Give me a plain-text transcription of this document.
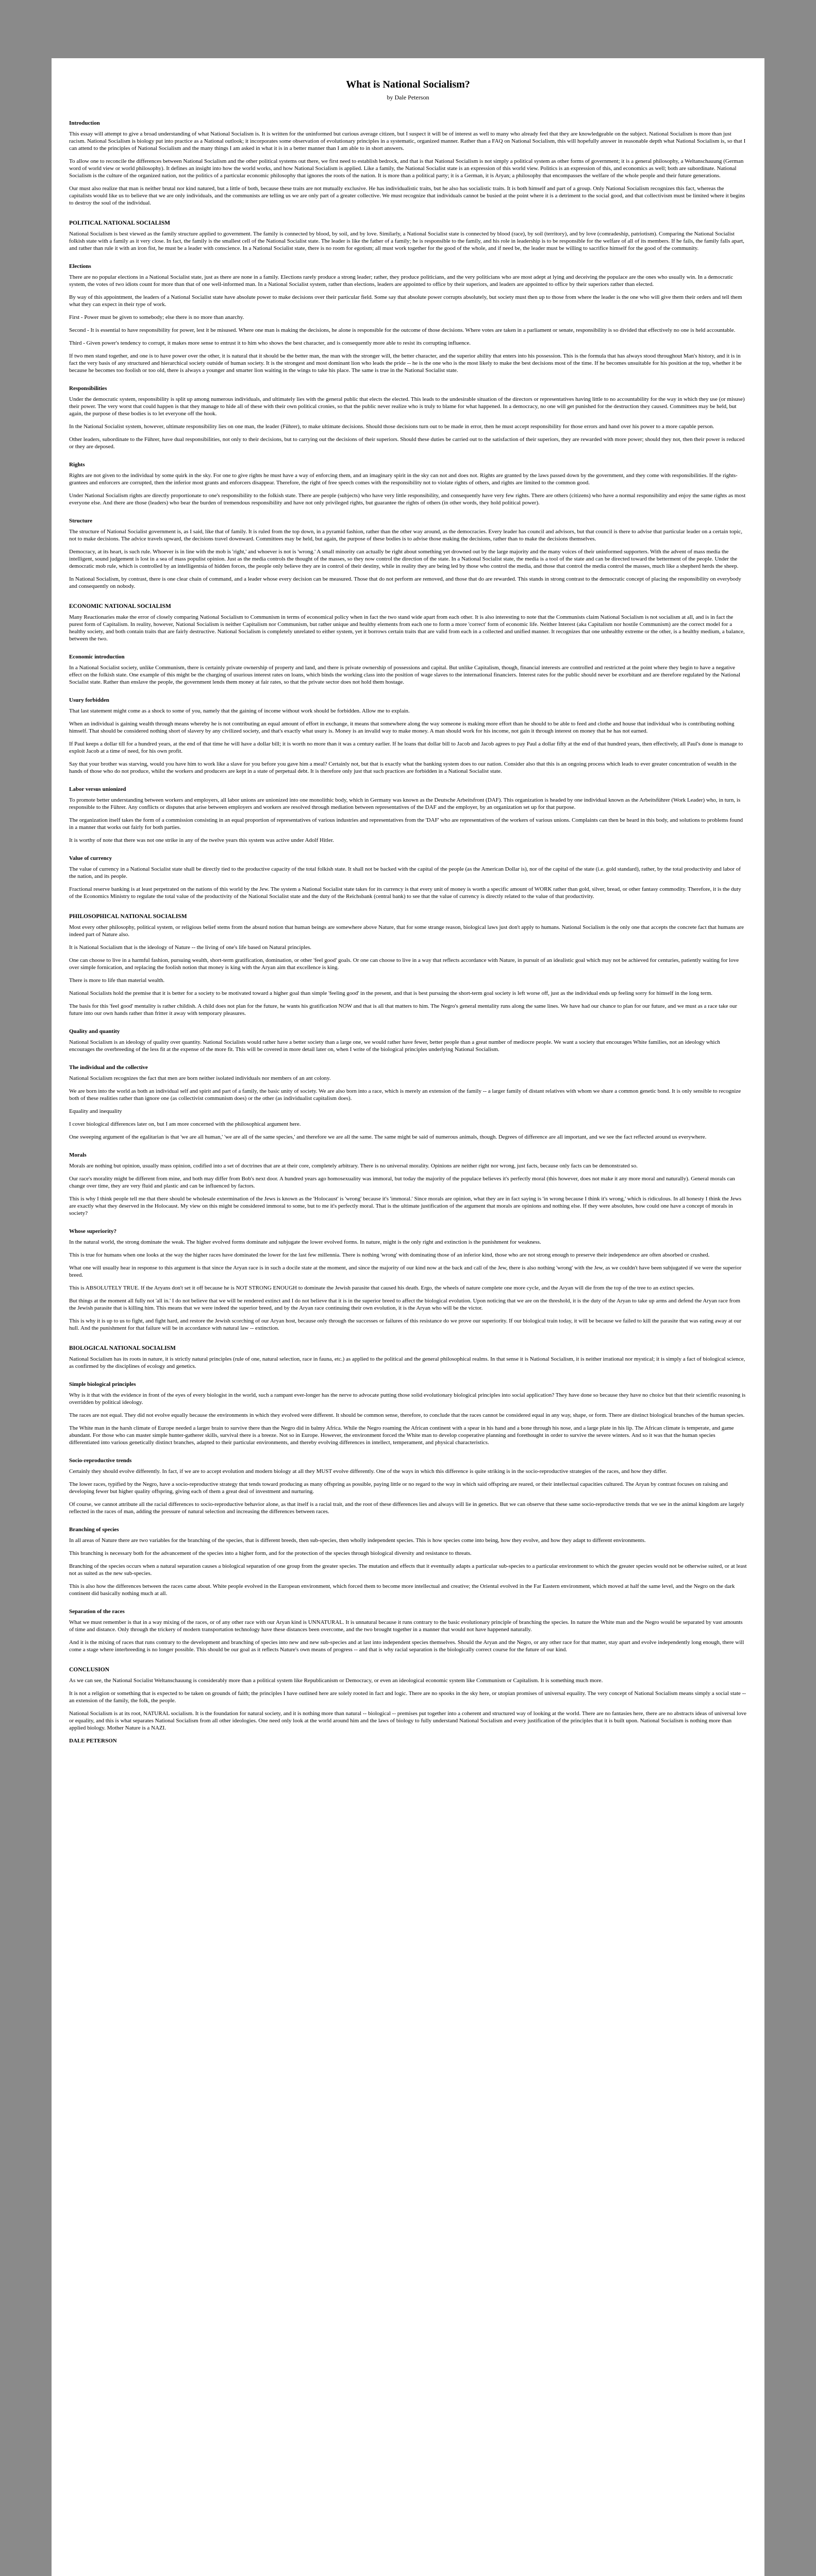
What is National Socialism?
by Dale Peterson
Introduction

This essay will attempt to give a broad understanding of what National Socialism is. It is written for the uninformed but curious average citizen, but I suspect it will be of interest as well to many who already feel that they are knowledgeable on the subject. National Socialism is more than just racism. National Socialism is biology put into practice as a National outlook; it incorporates some observation of evolutionary principles in a systematic, organized manner. Rather than a FAQ on National Socialism, this will hopefully answer in reasonable depth what National Socialism is, so that I can attend to the principles of National Socialism and the many things I am asked in what it is in a better manner than I am able to in short answers.

To allow one to reconcile the differences between National Socialism and the other political systems out there, we first need to establish bedrock, and that is that National Socialism is not simply a political system as other forms of government; it is a general philosophy, a Weltanschauung (German word of world view or world philosophy). It defines an insight into how the world works, and how National Socialism is applied. Like a family, the National Socialist state is an expression of this world view. Politics is an expression of this, and economics as well; both are subordinate. National Socialism is the culture of the organized nation, not the politics of a particular economic philosophy that ignores the roots of the nation. It is more than a political party; it is a German, it is Aryan; a philosophy that encompasses the welfare of the whole people and their future generations.

Our must also realize that man is neither brutal nor kind natured, but a little of both, because these traits are not mutually exclusive. He has individualistic traits, but he also has socialistic traits. It is both himself and part of a group. Only National Socialism recognizes this fact, whereas the capitalists would like us to believe that we are only individuals, and the communists are telling us we are only part of a greater collective. We must recognize that individuals cannot be busied at the point where it is a detriment to the social good, and that collectivism must be limited where it begins to destroy the soul of the individual.

POLITICAL NATIONAL SOCIALISM

National Socialism is best viewed as the family structure applied to government. The family is connected by blood, by soil, and by love. Similarly, a National Socialist state is connected by blood (race), by soil (territory), and by love (comradeship, patriotism). Comparing the National Socialist folkish state with a family as it very close. In fact, the family is the smallest cell of the National Socialist state. The leader is like the father of a family; he is responsible to the family, and his role in leadership is to be responsible for the welfare of all of its members. If he fails, the family falls apart, and rather than rule it with an iron fist, he must be a leader with conscience. In a National Socialist state, there is no room for egotism; all must work together for the good of the whole, and if need be, the leader must be willing to sacrifice himself for the good of the community.

Elections

There are no popular elections in a National Socialist state, just as there are none in a family. Elections rarely produce a strong leader; rather, they produce politicians, and the very politicians who are most adept at lying and deceiving the populace are the ones who usually win. In a democratic system, the votes of two idiots count for more than that of one well-informed man. In a National Socialist system, rather than elections, leaders are appointed to office by their superiors, and leaders are appointed to office by their superiors rather than elected.

By way of this appointment, the leaders of a National Socialist state have absolute power to make decisions over their particular field. Some say that absolute power corrupts absolutely, but society must then up to those from where the leader is the one who will give them their orders and tell them what they can expect in their type of work.

First - Power must be given to somebody; else there is no more than anarchy.

Second - It is essential to have responsibility for power, lest it be misused. Where one man is making the decisions, he alone is responsible for the outcome of those decisions. Where votes are taken in a parliament or senate, responsibility is so divided that effectively no one is held accountable.

Third - Given power's tendency to corrupt, it makes more sense to entrust it to him who shows the best character, and is consequently more able to resist its corrupting influence.

If two men stand together, and one is to have power over the other, it is natural that it should be the better man, the man with the stronger will, the better character, and the superior ability that enters into his possession. This is the formula that has always stood throughout Man's history, and it is in fact the very basis of any structured and hierarchical society outside of human society. It is the strongest and most dominant lion who leads the pride -- he is the one who is the most likely to make the best decisions most of the time. If he becomes unsuitable for his position at the top, whether it be because he becomes too foolish or too old, there is always a younger and smarter lion waiting in the wings to take his place. The same is true in the National Socialist state.

Responsibilities

Under the democratic system, responsibility is split up among numerous individuals, and ultimately lies with the general public that elects the elected. This leads to the undesirable situation of the directors or representatives having little to no accountability for the way in which they use (or misuse) their power. The very worst that could happen is that they manage to hide all of these with their own political cronies, so that the public never realize who is truly to blame for what happened. In a democracy, no one will get punished for the destruction they caused. Committees may be held, but again, the purpose of these bodies is to let everyone off the hook.

In the National Socialist system, however, ultimate responsibility lies on one man, the leader (Führer), to make ultimate decisions. Should those decisions turn out to be made in error, then he must accept responsibility for those errors and hand over his power to a more capable person.

Other leaders, subordinate to the Führer, have dual responsibilities, not only to their decisions, but to carrying out the decisions of their superiors. Should these duties be carried out to the satisfaction of their superiors, they are rewarded with more power; should they not, then their power is reduced or they are deposed.

Rights

Rights are not given to the individual by some quirk in the sky. For one to give rights he must have a way of enforcing them, and an imaginary spirit in the sky can not and does not. Rights are granted by the laws passed down by the government, and they come with responsibilities. If the rights-grantees and enforcers are corrupted, then the inferior most grants and enforcers disappear. Therefore, the right of free speech comes with the responsibility not to violate rights of others, and rights are limited to the common good.

Under National Socialism rights are directly proportionate to one's responsibility to the folkish state. There are people (subjects) who have very little responsibility, and consequently have very few rights. There are others (citizens) who have a normal responsibility and enjoy the same rights as most everyone else. And there are those (leaders) who bear the burden of tremendous responsibility and have not only privileged rights, but guarantee the rights of others (in other words, they hold political power).

Structure

The structure of National Socialist government is, as I said, like that of family. It is ruled from the top down, in a pyramid fashion, rather than the other way around, as the democracies. Every leader has council and advisors, but that council is there to advise that particular leader on a certain topic, not to make decisions. The advice travels upward, the decisions travel downward. Committees may be held, but again, the purpose of these bodies is to advise those making the decisions, rather than to make the decisions themselves.

Democracy, at its heart, is such rule. Whoever is in line with the mob is 'right,' and whoever is not is 'wrong.' A small minority can actually be right about something yet drowned out by the large majority and the many voices of their uninformed supporters. With the advent of mass media the intelligent, sound judgement is lost in a sea of mass populist opinion. Just as the media controls the thought of the masses, so they now control the direction of the state. In a National Socialist state, the media is a tool of the state and can be directed toward the betterment of the people. Under the democratic mob rule, which is controlled by an intelligentsia of hidden forces, the people only believe they are in control of their destiny, while in reality they are being led by those who control the media, and those that control the media control the masses, much like a shepherd herds the sheep.

In National Socialism, by contrast, there is one clear chain of command, and a leader whose every decision can be measured. Those that do not perform are removed, and those that do are rewarded. This stands in strong contrast to the democratic concept of placing the responsibility on everybody and consequently on nobody.

ECONOMIC NATIONAL SOCIALISM

Many Reactionaries make the error of closely comparing National Socialism to Communism in terms of economical policy when in fact the two stand wide apart from each other. It is also interesting to note that the Communists claim National Socialism is not socialism at all, and is in fact the purest form of Capitalism. In reality, however, National Socialism is neither Capitalism nor Communism, but rather unique and healthy elements from each one to form a more 'correct' form of economic life. Neither Interest (aka Capitalism nor hostile Communism) are the correct model for a healthy society, and both contain traits that are fairly destructive. National Socialism is completely unrelated to either system, yet it borrows certain traits that are valid from each in a collected and unified manner. It recognizes that one unhealthy extreme or the other, is a healthy medium, a balance, between the two.

Economic introduction

In a National Socialist society, unlike Communism, there is certainly private ownership of property and land, and there is private ownership of possessions and capital. But unlike Capitalism, though, financial interests are controlled and restricted at the point where they begin to have a negative effect on the folkish state. One example of this might be the charging of usurious interest rates on loans, which binds the working class into the position of wage slaves to the international financiers. Interest rates for the public should never be exorbitant and are therefore regulated by the National Socialist state. Rather than enslave the people, the government lends them money at fair rates, so that the private sector does not hold them hostage.

Usury forbidden

That last statement might come as a shock to some of you, namely that the gaining of income without work should be forbidden. Allow me to explain.

When an individual is gaining wealth through means whereby he is not contributing an equal amount of effort in exchange, it means that somewhere along the way someone is making more effort than he should to be able to feed and clothe and house that individual who is contributing nothing himself. That should be considered nothing short of slavery by any civilized society, and that's exactly what usury is. Money is an invalid way to make money. A man should work for his income, not gain it through interest on money that he has not earned.

If Paul keeps a dollar till for a hundred years, at the end of that time he will have a dollar bill; it is worth no more than it was a century earlier. If he loans that dollar bill to Jacob and Jacob agrees to pay Paul a dollar fifty at the end of that hundred years, then effectively, all Paul's done is manage to exploit Jacob at a time of need, for his own profit.

Say that your brother was starving, would you have him to work like a slave for you before you gave him a meal? Certainly not, but that is exactly what the banking system does to our nation. Consider also that this is an ongoing process which leads to ever greater concentration of wealth in the hands of those who do not produce, whilst the workers and producers are kept in a state of perpetual debt. It is therefore only just that such practices are forbidden in a National Socialist state.

Labor versus unionized

To promote better understanding between workers and employers, all labor unions are unionized into one monolithic body, which in Germany was known as the Deutsche Arbeitsfront (DAF). This organization is headed by one individual known as the Arbeitsführer (Work Leader) who, in turn, is responsible to the Führer. Any conflicts or disputes that arise between employers and workers are resolved through mediation between representatives of the DAF and the employer, by an organization set up for that purpose.

The organization itself takes the form of a commission consisting in an equal proportion of representatives of various industries and representatives from the 'DAF' who are representatives of the workers of various unions. Complaints can then be heard in this body, and solutions to problems found in a manner that works out fairly for both parties.

It is worthy of note that there was not one strike in any of the twelve years this system was active under Adolf Hitler.

Value of currency

The value of currency in a National Socialist state shall be directly tied to the productive capacity of the total folkish state. It shall not be backed with the capital of the people (as the American Dollar is), nor of the capital of the state (i.e. gold standard), rather, by the total productivity and labor of the nation, and its people.

Fractional reserve banking is at least perpetrated on the nations of this world by the Jew. The system a National Socialist state takes for its currency is that every unit of money is worth a specific amount of WORK rather than gold, silver, bread, or other fantasy commodity. Therefore, it is the duty of the Economics Ministry to regulate the total value of the productivity of the National Socialist state and the duty of the Reichsbank (central bank) to see that the value of currency is directly related to the value of that productivity.

PHILOSOPHICAL NATIONAL SOCIALISM

Most every other philosophy, political system, or religious belief stems from the absurd notion that human beings are somewhere above Nature, that for some strange reason, biological laws just don't apply to humans. National Socialism is the only one that accepts the concrete fact that humans are indeed part of Nature also.

It is National Socialism that is the ideology of Nature -- the living of one's life based on Natural principles.

One can choose to live in a harmful fashion, pursuing wealth, short-term gratification, domination, or other 'feel good' goals. Or one can choose to live in a way that reflects accordance with Nature, in pursuit of an idealistic goal which may not be achieved for centuries, patiently waiting for love over simple fornication, and replacing the foolish notion that money is king with the Aryan aim that excellence is king.

There is more to life than material wealth.

National Socialists hold the premise that it is better for a society to be motivated toward a higher goal than simple 'feeling good' in the present, and that is best pursuing the short-term goal society is left worse off, just as the individual ends up feeling sorry for himself in the long term.

The basis for this 'feel good' mentality is rather childish. A child does not plan for the future, he wants his gratification NOW and that is all that matters to him. The Negro's general mentality runs along the same lines. We have had our chance to plan for our future, and we must as a race take our future into our own hands rather than fritter it away with temporary pleasures.

Quality and quantity

National Socialism is an ideology of quality over quantity. National Socialists would rather have a better society than a large one, we would rather have fewer, better people than a great number of mediocre people. We want a society that encourages White families, not an ideology which encourages the overbreeding of the less fit at the expense of the more fit. This will be covered in more detail later on, when I write of the biological principles underlying National Socialism.

The individual and the collective

National Socialism recognizes the fact that men are born neither isolated individuals nor members of an ant colony.

We are born into the world as both an individual self and spirit and part of a family, the basic unity of society. We are also born into a race, which is merely an extension of the family -- a larger family of distant relatives with whom we share a common genetic bond. It is only sensible to recognize both of these realities rather than ignore one (as collectivist communism does) or the other (as individualist capitalism does).

Equality and inequality

I cover biological differences later on, but I am more concerned with the philosophical argument here.

One sweeping argument of the egalitarian is that 'we are all human,' 'we are all of the same species,' and therefore we are all the same. The same might be said of numerous animals, though. Degrees of difference are all important, and we see the fact reflected around us everywhere.

Morals

Morals are nothing but opinion, usually mass opinion, codified into a set of doctrines that are at their core, completely arbitrary. There is no universal morality. Opinions are neither right nor wrong, just facts, because only facts can be demonstrated so.

Our race's morality might be different from mine, and both may differ from Bob's next door. A hundred years ago homosexuality was immoral, but today the majority of the populace believes it's perfectly moral (this however, does not make it any more moral and naturally). General morals can change over time, they are very fluid and plastic and can be influenced by factors.

This is why I think people tell me that there should be wholesale extermination of the Jews is known as the 'Holocaust' is 'wrong' because it's 'immoral.' Since morals are opinion, what they are in fact saying is 'in wrong because I think it's wrong,' which is ridiculous. In all honesty I think the Jews are exactly what they deserved in the Holocaust. My view on this might be considered immoral to some, but to me it's perfectly moral. That is the ultimate justification of the argument that morals are opinions and nothing else. If they were absolutes, how could one have a concept of morals in society?

Whose superiority?

In the natural world, the strong dominate the weak. The higher evolved forms dominate and subjugate the lower evolved forms. In nature, might is the only right and extinction is the punishment for weakness.

This is true for humans when one looks at the way the higher races have dominated the lower for the last few millennia. There is nothing 'wrong' with dominating those of an inferior kind, those who are not strong enough to preserve their independence are often absorbed or crushed.

What one will usually hear in response to this argument is that since the Aryan race is in such a docile state at the moment, and since the majority of our kind now at the back and call of the Jew, there is also nothing 'wrong' with the Jew, as we couldn't have been subjugated if we were the superior breed.

This is ABSOLUTELY TRUE. If the Aryans don't set it off because he is NOT STRONG ENOUGH to dominate the Jewish parasite that caused his death. Ergo, the wheels of nature complete one more cycle, and the Aryan will die from the top of the tree to an extinct species.

But things at the moment all fully not 'all in.' I do not believe that we will be rendered extinct and I do not believe that it is in the superior breed to affect the biological evolution. Upon noticing that we are on the threshold, it is the duty of the Aryan to take up arms and defend the Aryan race from the Jewish parasite that is killing him. This means that we were indeed the superior breed, and by the Aryan race continuing their own evolution, it is the Aryan who will be the victor.

This is why it is up to us to fight, and fight hard, and restore the Jewish scorching of our Aryan host, because only through the successes or failures of this resistance do we prove our superiority. If our biological train today, it will be because we failed to kill the parasite that was eating away at our hull. And the punishment for that failure will be in accordance with natural law -- extinction.

BIOLOGICAL NATIONAL SOCIALISM

National Socialism has its roots in nature, it is strictly natural principles (rule of one, natural selection, race in fauna, etc.) as applied to the political and the general philosophical realms. In that sense it is National Socialism, it is neither irrational nor mystical; it is simply a fact of biological science, as confirmed by the disciplines of ecology and genetics.

Simple biological principles

Why is it that with the evidence in front of the eyes of every biologist in the world, such a rampant ever-longer has the nerve to advocate putting those solid evolutionary biological principles into social application? They have done so because they have no choice but that their scientific reasoning is overridden by political ideology.

The races are not equal. They did not evolve equally because the environments in which they evolved were different. It should be common sense, therefore, to conclude that the races cannot be considered equal in any way, shape, or form. There are distinct biological branches of the human species.

The White man in the harsh climate of Europe needed a larger brain to survive there than the Negro did in balmy Africa. While the Negro roaming the African continent with a spear in his hand and a bone through his nose, and a large plate in his lip. The African climate is temperate, and game abundant. For those who can master simple hunter-gatherer skills, survival there is a breeze. Not so in Europe. However, the environment forced the White man to develop cooperative planning and forethought in order to survive the severe winters. And so it was that the human species differentiated into various genetically distinct branches, adapted to their particular environments, and thereby evolving differences in intellect, temperament, and physical characteristics.

Socio-reproductive trends

Certainly they should evolve differently. In fact, if we are to accept evolution and modern biology at all they MUST evolve differently. One of the ways in which this difference is quite striking is in the socio-reproductive strategies of the races, and how they differ.

The lower races, typified by the Negro, have a socio-reproductive strategy that tends toward producing as many offspring as possible, paying little or no regard to the way in which said offspring are reared, or their intellectual capacities cultured. The Aryan by contrast focuses on raising and developing fewer but higher quality offspring, giving each of them a great deal of investment and nurturing.

Of course, we cannot attribute all the racial differences to socio-reproductive behavior alone, as that itself is a racial trait, and the root of these differences lies and always will lie in genetics. But we can observe that these same socio-reproductive trends that we see in the animal kingdom are largely reflected in the races of man, adding the pressure of natural selection and increasing the differences between races.

Branching of species

In all areas of Nature there are two variables for the branching of the species, that is different breeds, then sub-species, then wholly independent species. This is how species come into being, how they evolve, and how they adapt to different environments.

This branching is necessary both for the advancement of the species into a higher form, and for the protection of the species through biological diversity and resistance to threats.

Branching of the species occurs when a natural separation causes a biological separation of one group from the greater species. The mutation and effects that it eventually adapts a particular sub-species to a particular environment to which the greater species would not be otherwise suited, or at least not as suited as the new sub-species.

This is also how the differences between the races came about. White people evolved in the European environment, which forced them to become more intellectual and creative; the Oriental evolved in the Far Eastern environment, which moved at half the same level, and the Negro on the dark continent did basically nothing much at all.

Separation of the races

What we must remember is that in a way mixing of the races, or of any other race with our Aryan kind is UNNATURAL. It is unnatural because it runs contrary to the basic evolutionary principle of branching the species. In nature the White man and the Negro would be separated by vast amounts of time and distance. Only through the trickery of modern transportation technology have these distances been overcome, and the two brought together in a manner that would not have happened naturally.

And it is the mixing of races that runs contrary to the development and branching of species into new and new sub-species and at last into independent species themselves. Should the Aryan and the Negro, or any other race for that matter, stay apart and evolve independently long enough, there will come a stage where interbreeding is no longer possible. This should be our goal as it reflects Nature's own means of progress -- and that is why racial separation is the biologically correct course for the future of our kind.

CONCLUSION

As we can see, the National Socialist Weltanschauung is considerably more than a political system like Republicanism or Democracy, or even an ideological economic system like Communism or Capitalism. It is something much more.

It is not a religion or something that is expected to be taken on grounds of faith; the principles I have outlined here are solely rooted in fact and logic. There are no spooks in the sky here, or utopian promises of universal equality. The very concept of National Socialism means simply a social state -- an extension of the family, the folk, the people.

National Socialism is at its root, NATURAL socialism. It is the foundation for natural society, and it is nothing more than natural -- biological -- premises put together into a coherent and structured way of looking at the world. There are no fantasies here, there are no abstracts ideas of universal love or equality, and this is what separates National Socialism from all other ideologies. One need only look at the world around him and the laws of biology to fully understand National Socialism and every justification of the principles that it is built upon. National Socialism is nothing more than applied biology. Mother Nature is a NAZI.

DALE PETERSON
